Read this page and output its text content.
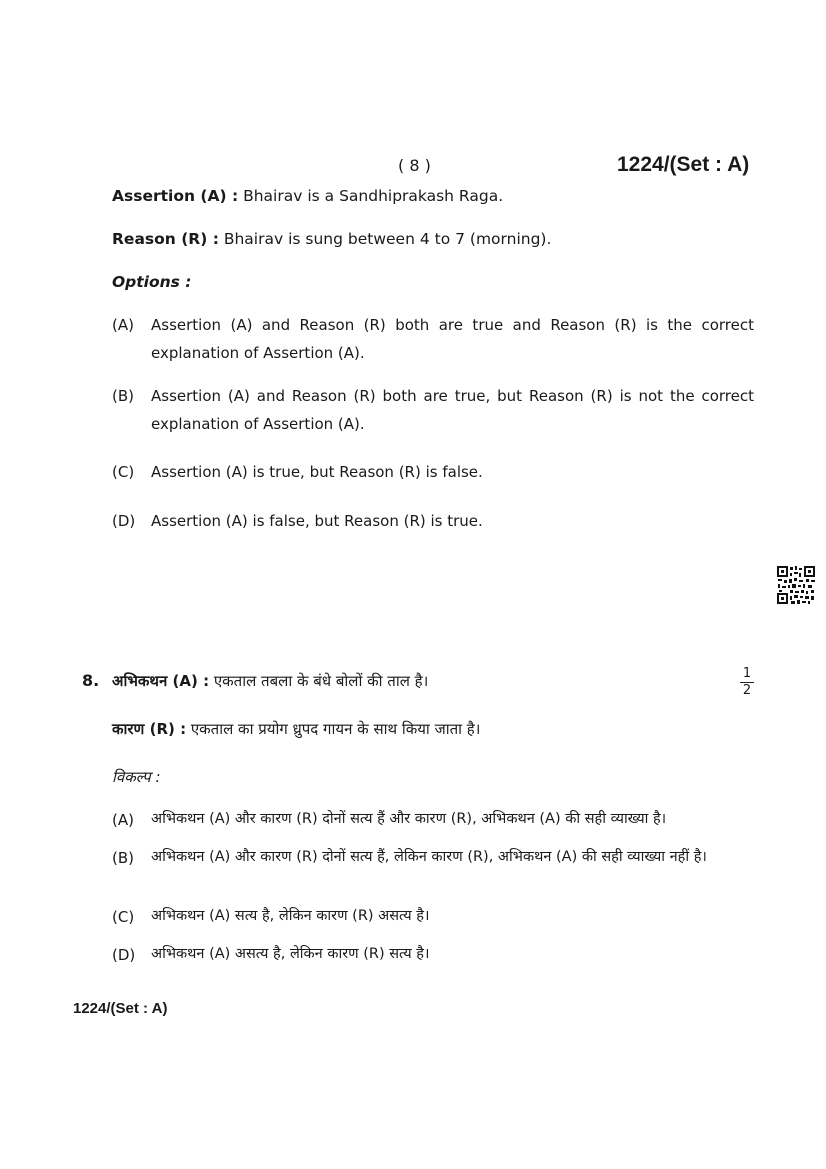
( 8 )	1224/(Set : A)
Assertion (A) : Bhairav is a Sandhiprakash Raga.
Reason (R) : Bhairav is sung between 4 to 7 (morning).
Options :
(A)	Assertion (A) and Reason (R) both are true and Reason (R) is the correct explanation of Assertion (A).
(B)	Assertion (A) and Reason (R) both are true, but Reason (R) is not the correct explanation of Assertion (A).
(C)	Assertion (A) is true, but Reason (R) is false.
(D)	Assertion (A) is false, but Reason (R) is true.
8. अभिकथन (A) : एकताल तबला के बंधे बोलों की ताल है।	1
2
कारण (R) : एकताल का प्रयोग ध्रुपद गायन के साथ किया जाता है।
विकल्प :
(A)	अभिकथन (A) और कारण (R) दोनों सत्य हैं और कारण (R), अभिकथन (A) की सही व्याख्या है।
(B)	अभिकथन (A) और कारण (R) दोनों सत्य हैं, लेकिन कारण (R), अभिकथन (A) की सही व्याख्या नहीं है।
(C)	अभिकथन (A) सत्य है, लेकिन कारण (R) असत्य है।
(D)	अभिकथन (A) असत्य है, लेकिन कारण (R) सत्य है।
1224/(Set : A)
